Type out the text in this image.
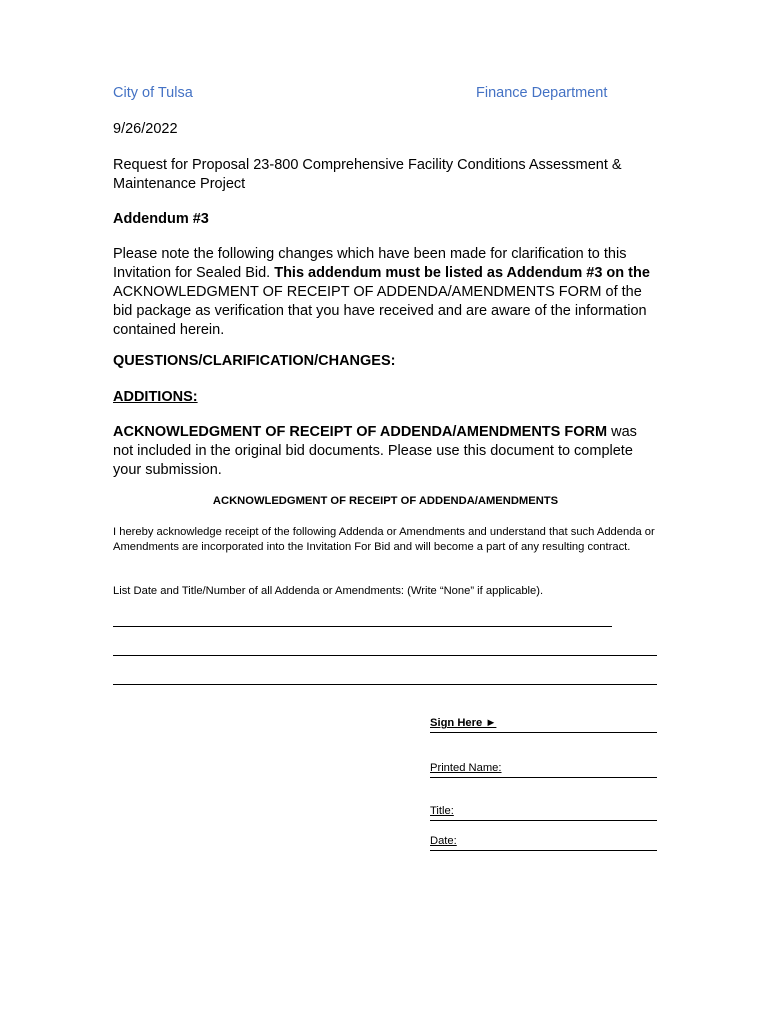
City of Tulsa	Finance Department
9/26/2022
Request for Proposal 23-800 Comprehensive Facility Conditions Assessment & Maintenance Project
Addendum #3
Please note the following changes which have been made for clarification to this Invitation for Sealed Bid. This addendum must be listed as Addendum #3 on the ACKNOWLEDGMENT OF RECEIPT OF ADDENDA/AMENDMENTS FORM of the bid package as verification that you have received and are aware of the information contained herein.
QUESTIONS/CLARIFICATION/CHANGES:
ADDITIONS:
ACKNOWLEDGMENT OF RECEIPT OF ADDENDA/AMENDMENTS FORM was not included in the original bid documents. Please use this document to complete your submission.
ACKNOWLEDGMENT OF RECEIPT OF ADDENDA/AMENDMENTS
I hereby acknowledge receipt of the following Addenda or Amendments and understand that such Addenda or Amendments are incorporated into the Invitation For Bid and will become a part of any resulting contract.
List Date and Title/Number of all Addenda or Amendments: (Write “None” if applicable).
Sign Here ►
Printed Name:
Title:
Date:
